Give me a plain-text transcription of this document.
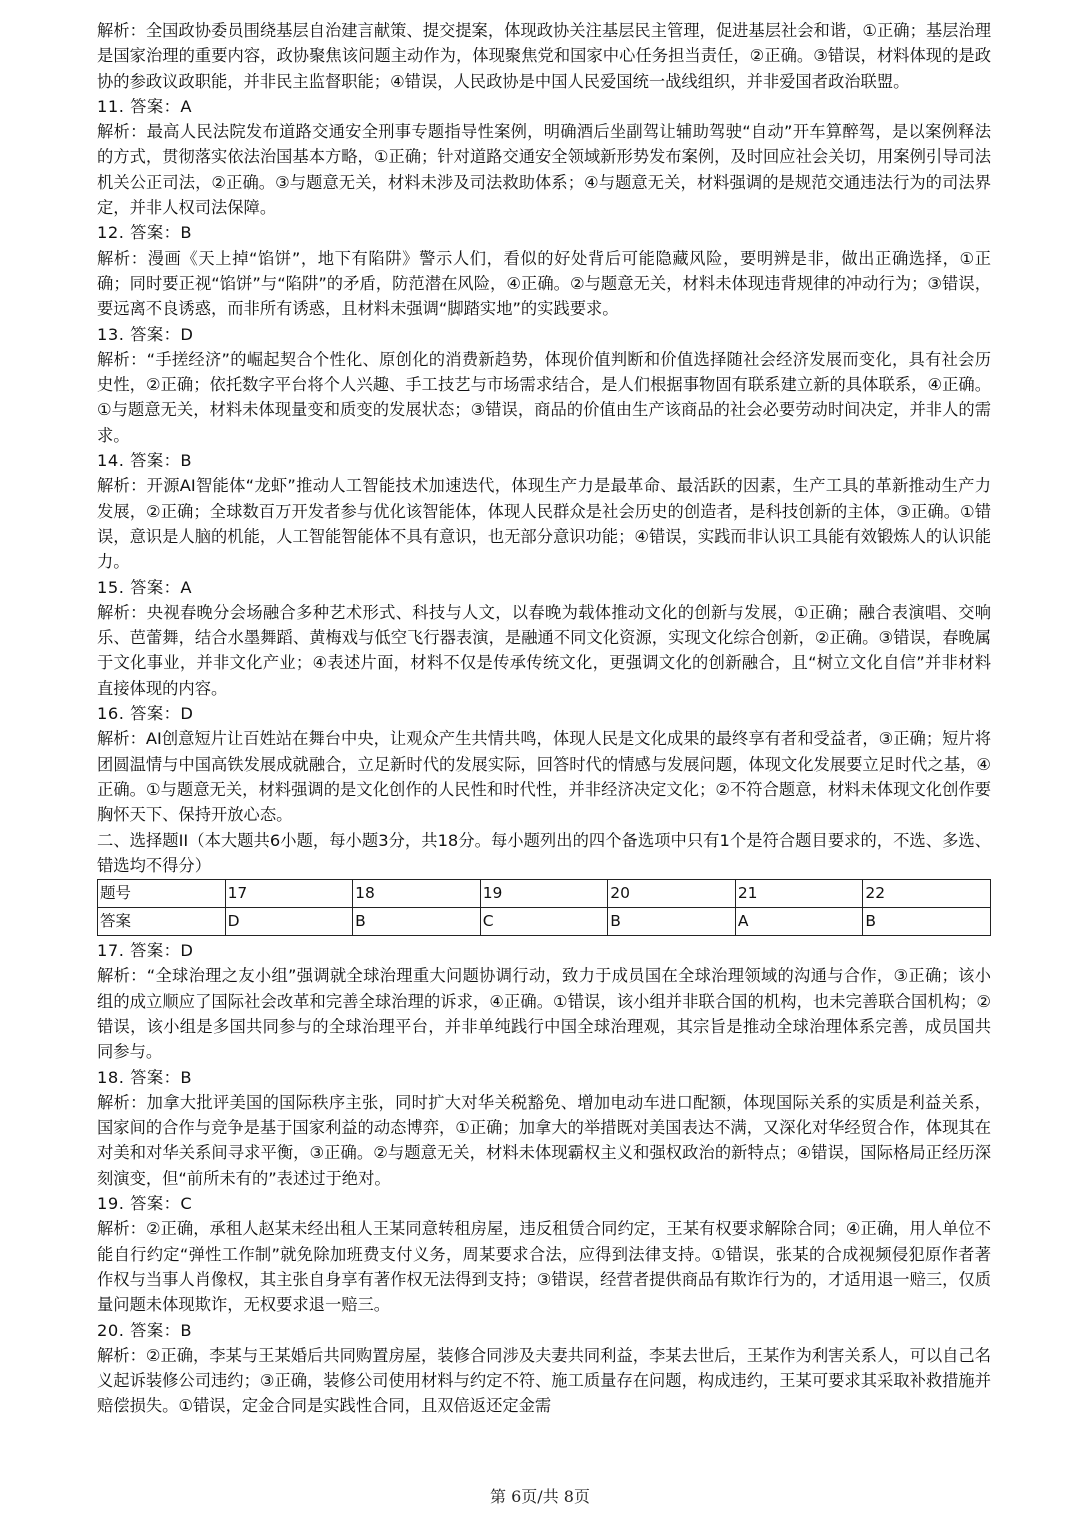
解析：全国政协委员围绕基层自治建言献策、提交提案，体现政协关注基层民主管理，促进基层社会和谐，①正确；基层治理是国家治理的重要内容，政协聚焦该问题主动作为，体现聚焦党和国家中心任务担当责任，②正确。③错误，材料体现的是政协的参政议政职能，并非民主监督职能；④错误，人民政协是中国人民爱国统一战线组织，并非爱国者政治联盟。

11. 答案：A

解析：最高人民法院发布道路交通安全刑事专题指导性案例，明确酒后坐副驾让辅助驾驶“自动”开车算醉驾，是以案例释法的方式，贯彻落实依法治国基本方略，①正确；针对道路交通安全领域新形势发布案例，及时回应社会关切，用案例引导司法机关公正司法，②正确。③与题意无关，材料未涉及司法救助体系；④与题意无关，材料强调的是规范交通违法行为的司法界定，并非人权司法保障。

12. 答案：B

解析：漫画《天上掉“馅饼”，地下有陷阱》警示人们，看似的好处背后可能隐藏风险，要明辨是非，做出正确选择，①正确；同时要正视“馅饼”与“陷阱”的矛盾，防范潜在风险，④正确。②与题意无关，材料未体现违背规律的冲动行为；③错误，要远离不良诱惑，而非所有诱惑，且材料未强调“脚踏实地”的实践要求。

13. 答案：D

解析：“手搓经济”的崛起契合个性化、原创化的消费新趋势，体现价值判断和价值选择随社会经济发展而变化，具有社会历史性，②正确；依托数字平台将个人兴趣、手工技艺与市场需求结合，是人们根据事物固有联系建立新的具体联系，④正确。①与题意无关，材料未体现量变和质变的发展状态；③错误，商品的价值由生产该商品的社会必要劳动时间决定，并非人的需求。

14. 答案：B

解析：开源AI智能体“龙虾”推动人工智能技术加速迭代，体现生产力是最革命、最活跃的因素，生产工具的革新推动生产力发展，②正确；全球数百万开发者参与优化该智能体，体现人民群众是社会历史的创造者，是科技创新的主体，③正确。①错误，意识是人脑的机能，人工智能智能体不具有意识，也无部分意识功能；④错误，实践而非认识工具能有效锻炼人的认识能力。

15. 答案：A

解析：央视春晚分会场融合多种艺术形式、科技与人文，以春晚为载体推动文化的创新与发展，①正确；融合表演唱、交响乐、芭蕾舞，结合水墨舞蹈、黄梅戏与低空飞行器表演，是融通不同文化资源，实现文化综合创新，②正确。③错误，春晚属于文化事业，并非文化产业；④表述片面，材料不仅是传承传统文化，更强调文化的创新融合，且“树立文化自信”并非材料直接体现的内容。

16. 答案：D

解析：AI创意短片让百姓站在舞台中央，让观众产生共情共鸣，体现人民是文化成果的最终享有者和受益者，③正确；短片将团圆温情与中国高铁发展成就融合，立足新时代的发展实际，回答时代的情感与发展问题，体现文化发展要立足时代之基，④正确。①与题意无关，材料强调的是文化创作的人民性和时代性，并非经济决定文化；②不符合题意，材料未体现文化创作要胸怀天下、保持开放心态。

二、选择题II（本大题共6小题，每小题3分，共18分。每小题列出的四个备选项中只有1个是符合题目要求的，不选、多选、错选均不得分）

题号	17	18	19	20	21	22
答案	D	B	C	B	A	B

17. 答案：D

解析：“全球治理之友小组”强调就全球治理重大问题协调行动，致力于成员国在全球治理领域的沟通与合作，③正确；该小组的成立顺应了国际社会改革和完善全球治理的诉求，④正确。①错误，该小组并非联合国的机构，也未完善联合国机构；②错误，该小组是多国共同参与的全球治理平台，并非单纯践行中国全球治理观，其宗旨是推动全球治理体系完善，成员国共同参与。

18. 答案：B

解析：加拿大批评美国的国际秩序主张，同时扩大对华关税豁免、增加电动车进口配额，体现国际关系的实质是利益关系，国家间的合作与竞争是基于国家利益的动态博弈，①正确；加拿大的举措既对美国表达不满，又深化对华经贸合作，体现其在对美和对华关系间寻求平衡，③正确。②与题意无关，材料未体现霸权主义和强权政治的新特点；④错误，国际格局正经历深刻演变，但“前所未有的”表述过于绝对。

19. 答案：C

解析：②正确，承租人赵某未经出租人王某同意转租房屋，违反租赁合同约定，王某有权要求解除合同；④正确，用人单位不能自行约定“弹性工作制”就免除加班费支付义务，周某要求合法，应得到法律支持。①错误，张某的合成视频侵犯原作者著作权与当事人肖像权，其主张自身享有著作权无法得到支持；③错误，经营者提供商品有欺诈行为的，才适用退一赔三，仅质量问题未体现欺诈，无权要求退一赔三。

20. 答案：B

解析：②正确，李某与王某婚后共同购置房屋，装修合同涉及夫妻共同利益，李某去世后，王某作为利害关系人，可以自己名义起诉装修公司违约；③正确，装修公司使用材料与约定不符、施工质量存在问题，构成违约，王某可要求其采取补救措施并赔偿损失。①错误，定金合同是实践性合同，且双倍返还定金需

第 6页/共 8页
